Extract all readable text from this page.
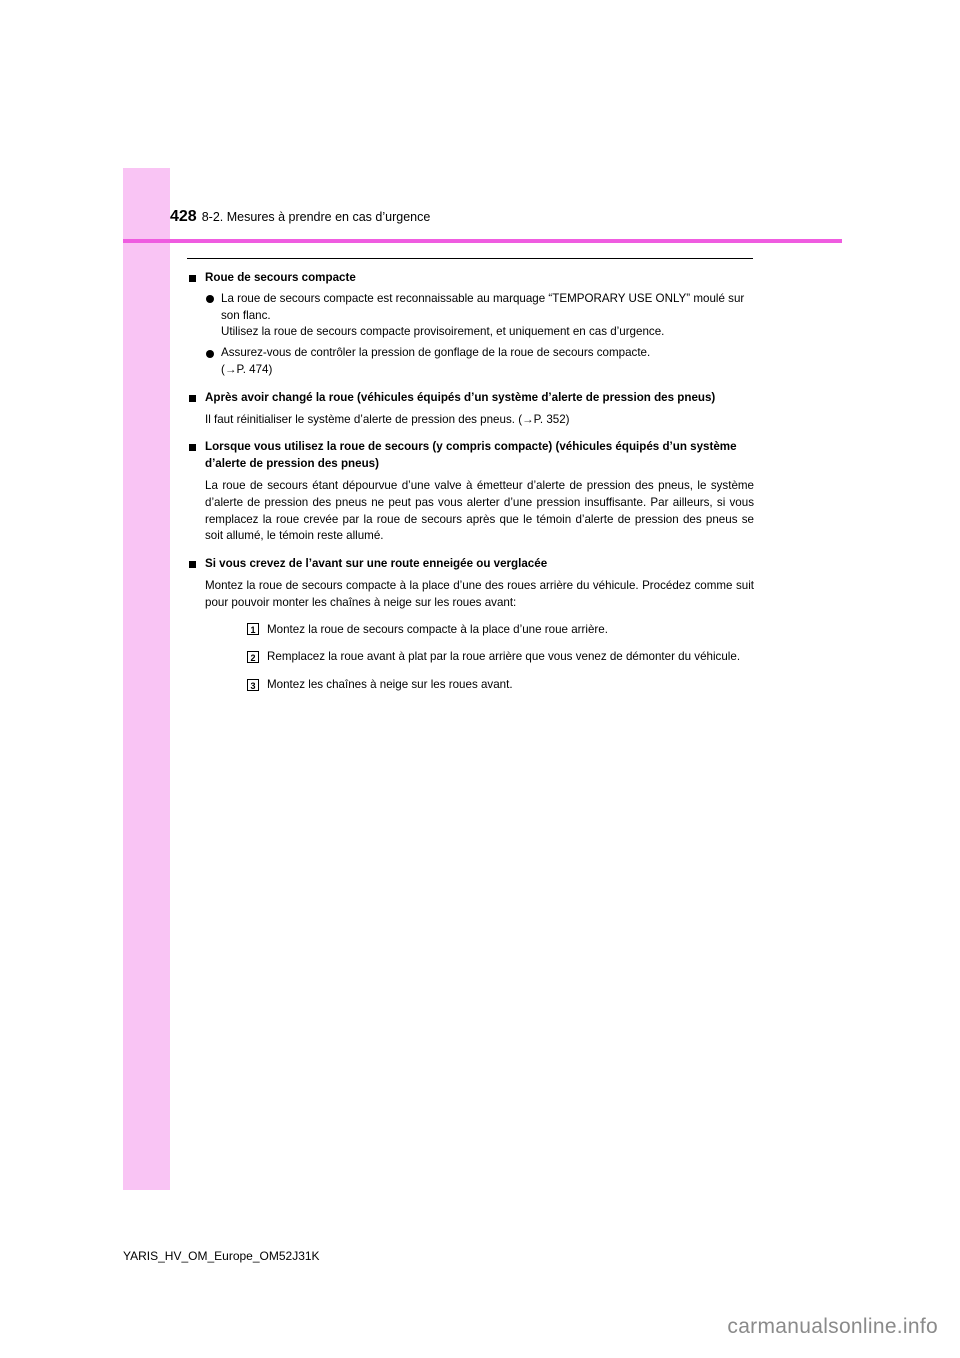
428 8-2. Mesures à prendre en cas d’urgence
Roue de secours compacte
La roue de secours compacte est reconnaissable au marquage “TEMPORARY USE ONLY” moulé sur son flanc.
Utilisez la roue de secours compacte provisoirement, et uniquement en cas d’urgence.
Assurez-vous de contrôler la pression de gonflage de la roue de secours compacte.
(→P. 474)
Après avoir changé la roue (véhicules équipés d’un système d’alerte de pression des pneus)
Il faut réinitialiser le système d’alerte de pression des pneus. (→P. 352)
Lorsque vous utilisez la roue de secours (y compris compacte) (véhicules équipés d’un système d’alerte de pression des pneus)
La roue de secours étant dépourvue d’une valve à émetteur d’alerte de pression des pneus, le système d’alerte de pression des pneus ne peut pas vous alerter d’une pression insuffisante. Par ailleurs, si vous remplacez la roue crevée par la roue de secours après que le témoin d’alerte de pression des pneus se soit allumé, le témoin reste allumé.
Si vous crevez de l’avant sur une route enneigée ou verglacée
Montez la roue de secours compacte à la place d’une des roues arrière du véhicule. Procédez comme suit pour pouvoir monter les chaînes à neige sur les roues avant:
1 Montez la roue de secours compacte à la place d’une roue arrière.
2 Remplacez la roue avant à plat par la roue arrière que vous venez de démonter du véhicule.
3 Montez les chaînes à neige sur les roues avant.
YARIS_HV_OM_Europe_OM52J31K
carmanualsonline.info
